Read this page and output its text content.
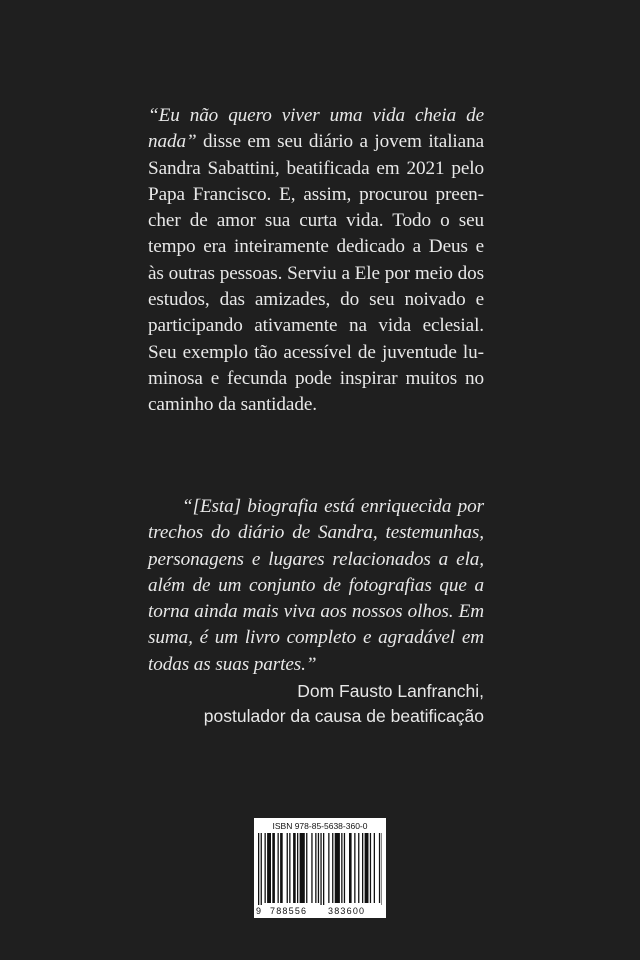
“Eu não quero viver uma vida cheia de nada” disse em seu diário a jovem italiana Sandra Sabattini, beatificada em 2021 pelo Papa Francisco. E, assim, procurou preencher de amor sua curta vida. Todo o seu tempo era inteiramente dedicado a Deus e às outras pessoas. Serviu a Ele por meio dos estudos, das amizades, do seu noivado e participando ativamente na vida eclesial. Seu exemplo tão acessível de juventude luminosa e fecunda pode inspirar muitos no caminho da santidade.

“[Esta] biografia está enriquecida por trechos do diário de Sandra, testemunhas, personagens e lugares relacionados a ela, além de um conjunto de fotografias que a torna ainda mais viva aos nossos olhos. Em suma, é um livro completo e agradável em todas as suas partes.”

Dom Fausto Lanfranchi,
postulador da causa de beatificação
ISBN 978-85-5638-360-0
9 788556 383600
